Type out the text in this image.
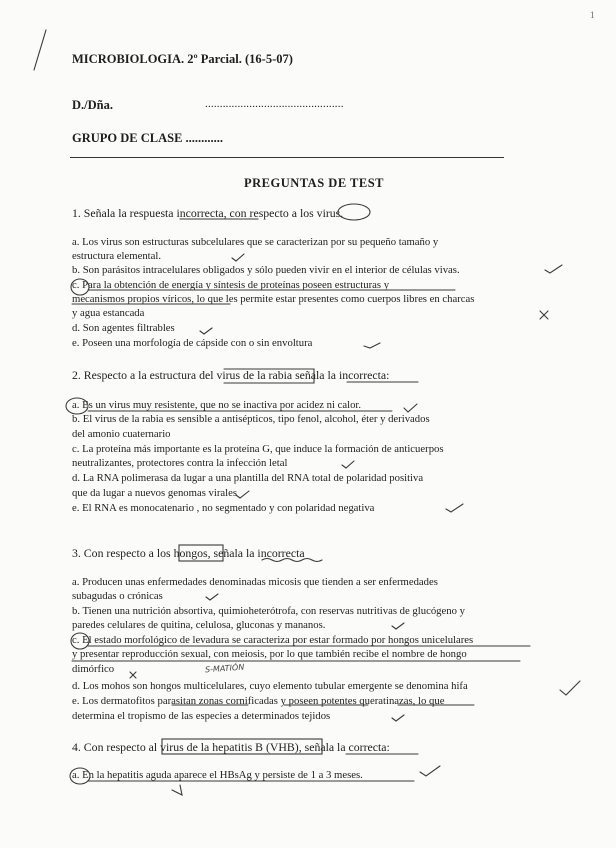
1
MICROBIOLOGIA. 2º Parcial. (16-5-07)
D./Dña.	...............................................
GRUPO DE CLASE ............
PREGUNTAS DE TEST
1. Señala la respuesta incorrecta, con respecto a los virus.
a. Los virus son estructuras subcelulares que se caracterizan por su pequeño tamaño y
estructura elemental.
b. Son parásitos intracelulares obligados y sólo pueden vivir en el interior de células vivas.
c. Para la obtención de energía y síntesis de proteínas poseen estructuras y
mecanismos propios víricos, lo que les permite estar presentes como cuerpos libres en charcas
y agua estancada
d. Son agentes filtrables
e. Poseen una morfología de cápside con o sin envoltura
2. Respecto a la estructura del virus de la rabia señala la incorrecta:
a. Es un virus muy resistente, que no se inactiva por acidez ni calor.
b. El virus de la rabia es sensible a antisépticos, tipo fenol, alcohol, éter y derivados
del amonio cuaternario
c. La proteína más importante es la proteína G, que induce la formación de anticuerpos
neutralizantes, protectores contra la infección letal
d. La RNA polimerasa da lugar a una plantilla del RNA total de polaridad positiva
que da lugar a nuevos genomas virales
e. El RNA es monocatenario , no segmentado y con polaridad negativa
3. Con respecto a los hongos, señala la incorrecta
a. Producen unas enfermedades denominadas micosis que tienden a ser enfermedades
subagudas o crónicas
b. Tienen una nutrición absortiva, quimioheterótrofa, con reservas nutritivas de glucógeno y
paredes celulares de quitina, celulosa, gluconas y mananos.
c. El estado morfológico de levadura se caracteriza por estar formado por hongos unicelulares
y presentar reproducción sexual, con meiosis, por lo que también recibe el nombre de hongo
dimórfico
d. Los mohos son hongos multicelulares, cuyo elemento tubular emergente se denomina hifa
e. Los dermatofitos parasitan zonas cornificadas y poseen potentes queratinazas, lo que
determina el tropismo de las especies a determinados tejidos
4. Con respecto al virus de la hepatitis B (VHB), señala la correcta:
a. En la hepatitis aguda aparece el HBsAg y persiste de 1 a 3 meses.
S-MATIÓN
